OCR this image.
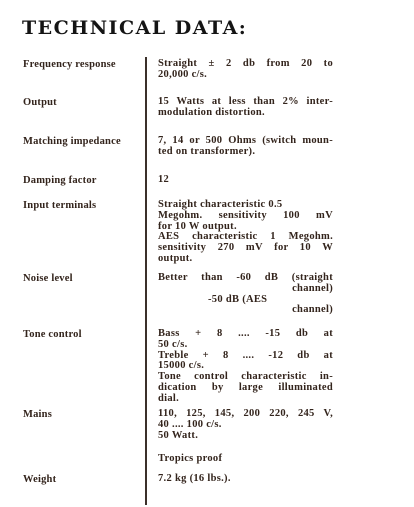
TECHNICAL DATA:
Frequency response	Straight ± 2 db from 20 to
20,000 c/s.
Output	15 Watts at less than 2% inter-
modulation distortion.
Matching impedance	7, 14 or 500 Ohms (switch moun-
ted on transformer).
Damping factor	12
Input terminals	Straight characteristic 0.5
Megohm. sensitivity 100 mV
for 10 W output.
AES characteristic 1 Megohm.
sensitivity 270 mV for 10 W
output.
Noise level	Better than -60 dB (straight
channel)
-50 dB (AES
channel)
Tone control	Bass + 8 .... -15 db at
50 c/s.
Treble + 8 .... -12 db at
15000 c/s.
Tone control characteristic in-
dication by large illuminated
dial.
Mains	110, 125, 145, 200 220, 245 V,
40 .... 100 c/s.
50 Watt.
Tropics proof
Weight	7.2 kg (16 lbs.).
